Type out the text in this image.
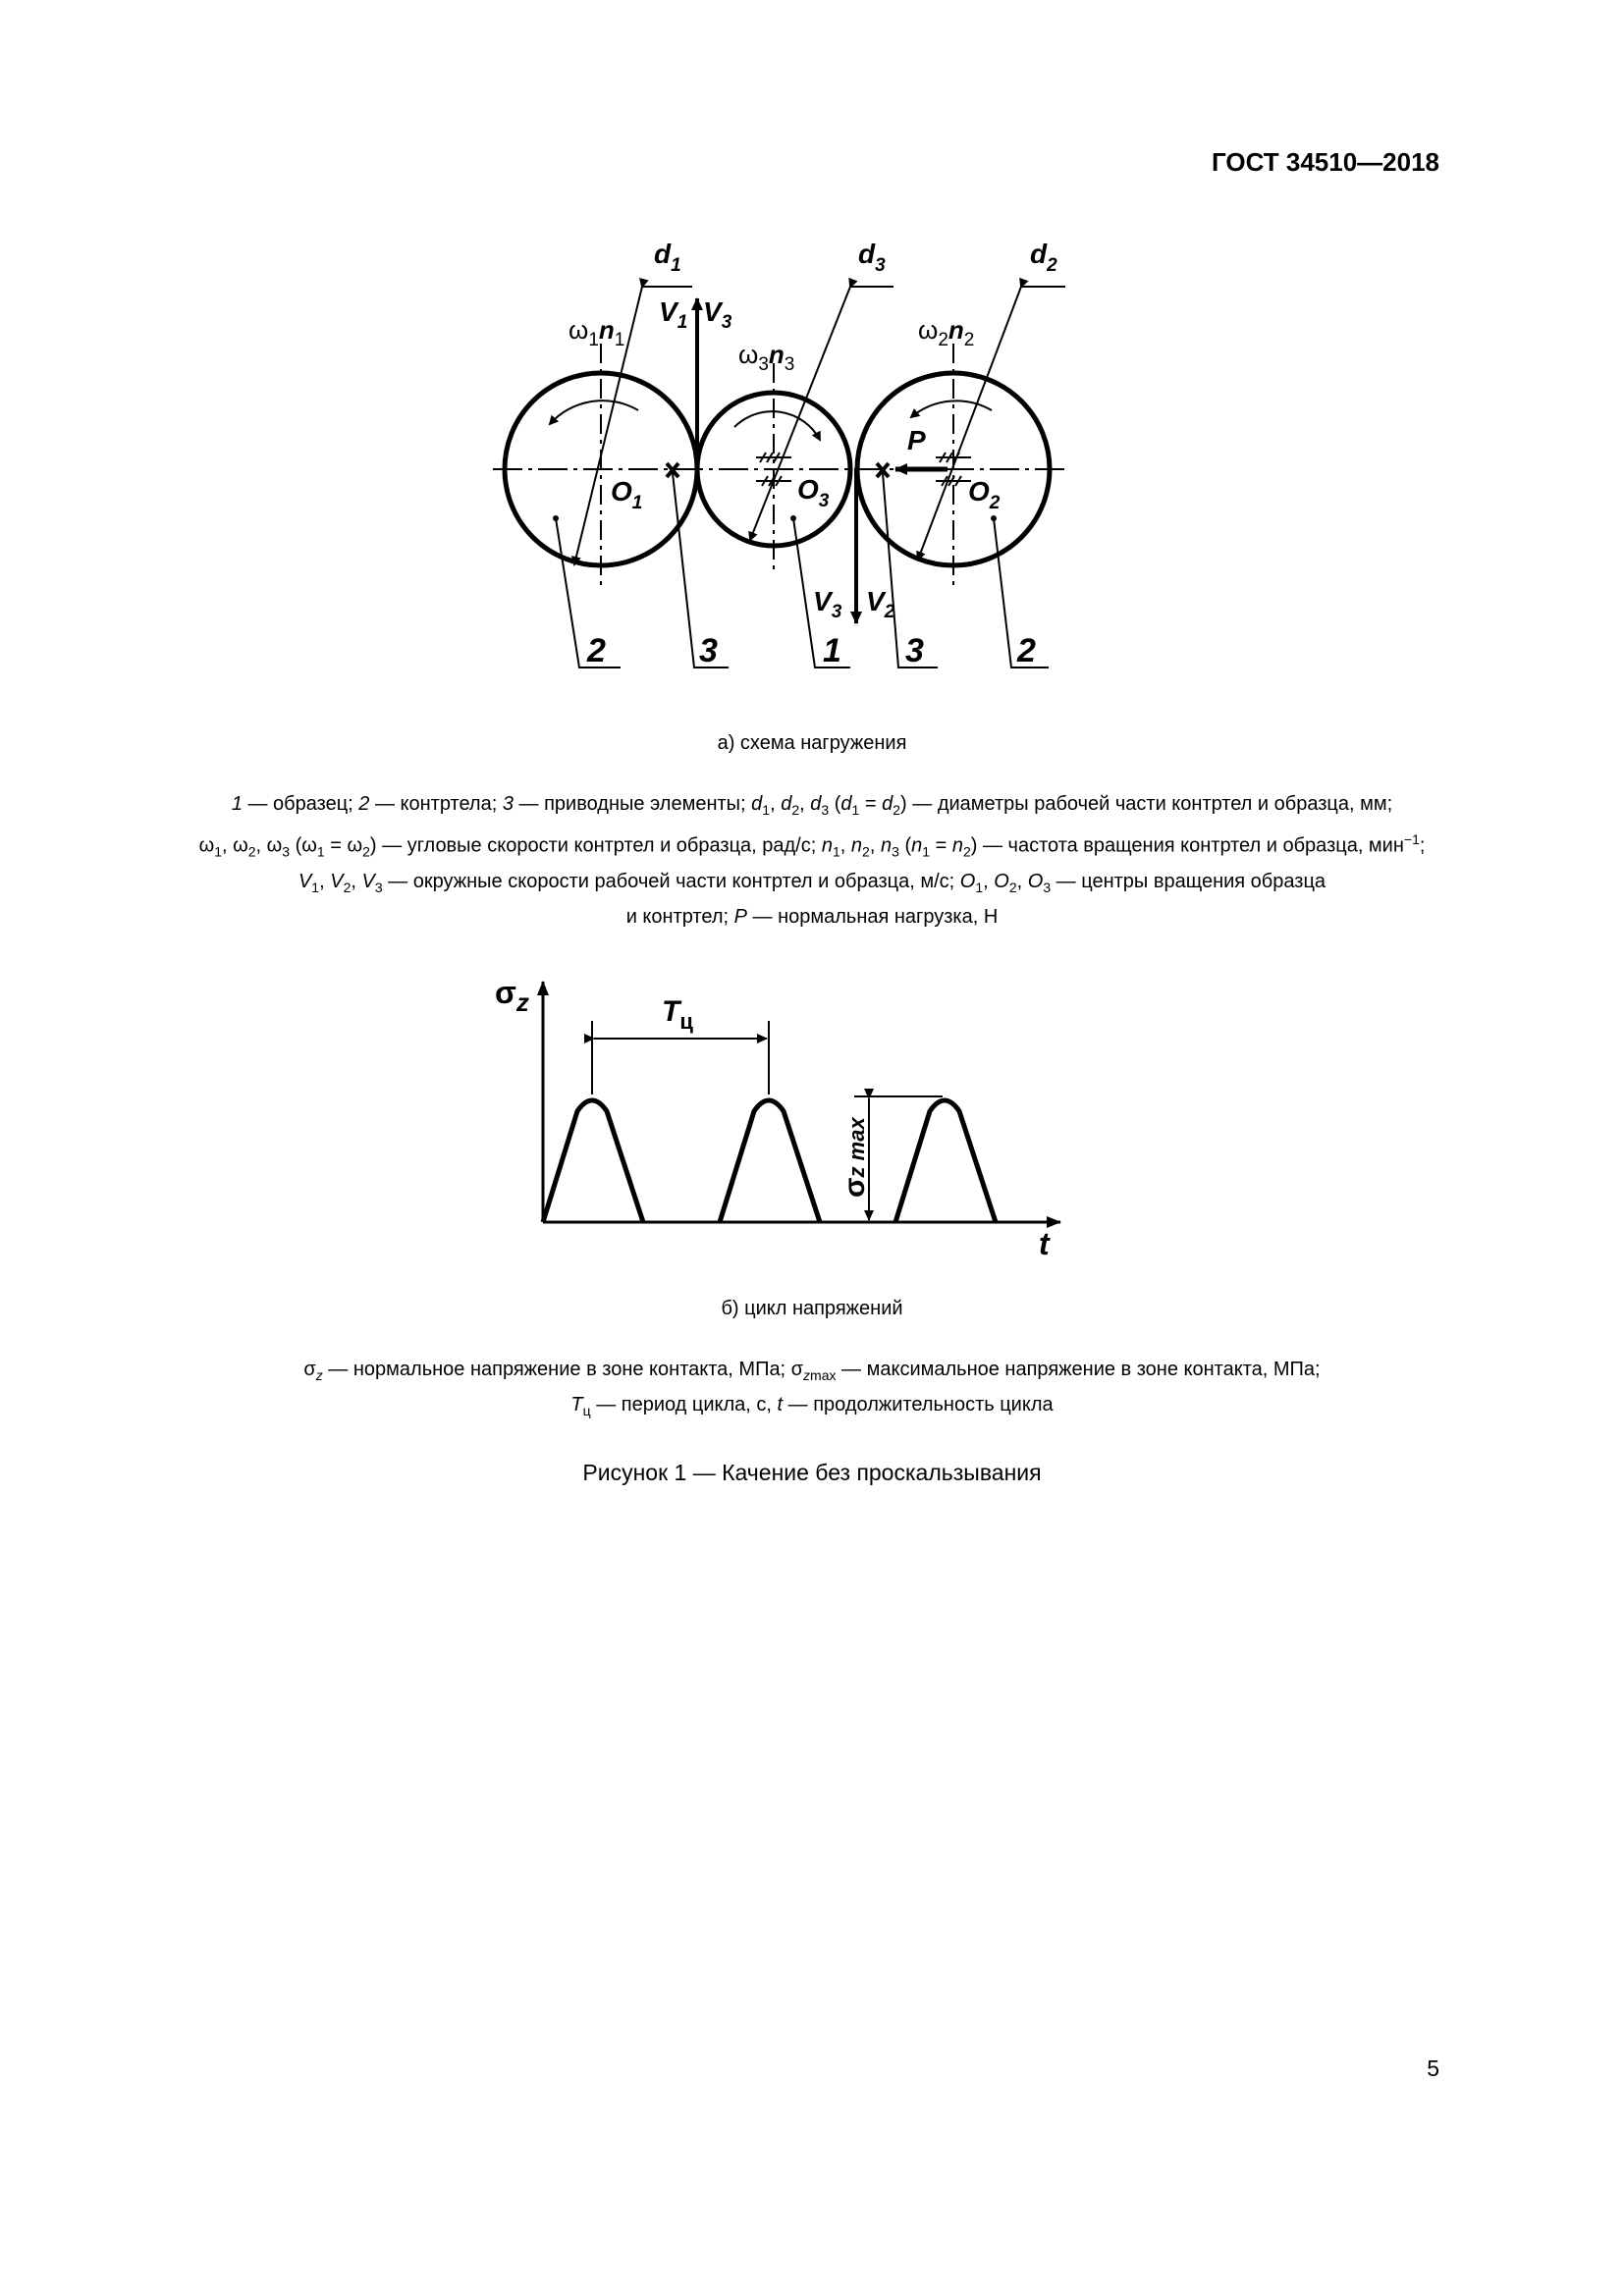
ГОСТ 34510—2018
$d_1$	$d_3$	$d_2$
$\omega_1n_1$	$\omega_3n_3$
$\omega_2n_2$
$V_1$ $V_3$
$V_3$ $V_2$
$O_1$	$O_3$	$O_2$
P
2	3	1 3	2
а) схема нагружения
1 — образец; 2 — контртела; 3 — приводные элементы; $d_1$, $d_2$, $d_3$ $(d_1 = d_2)$ — диаметры рабочей части контртел и образца, мм;
$\omega_1$, $\omega_2$, $\omega_3$ $(\omega_1 = \omega_2)$ — угловые скорости контртел и образца, рад/с; $n_1$, $n_2$, $n_3$ $(n_1 = n_2)$ — частота вращения контртел и образца, мин$^{-1}$;
$V_1$, $V_2$, $V_3$ — окружные скорости рабочей части контртел и образца, м/с; $O_1$, $O_2$, $O_3$ — центры вращения образца
и контртел; P — нормальная нагрузка, Н
$\sigma_z$	$T_ц$
σz max
t
б) цикл напряжений
$\sigma_z$ — нормальное напряжение в зоне контакта, МПа; $\sigma_{zmax}$ — максимальное напряжение в зоне контакта, МПа;
$T_ц$ — период цикла, с, t — продолжительность цикла
Рисунок 1 — Качение без проскальзывания
5
